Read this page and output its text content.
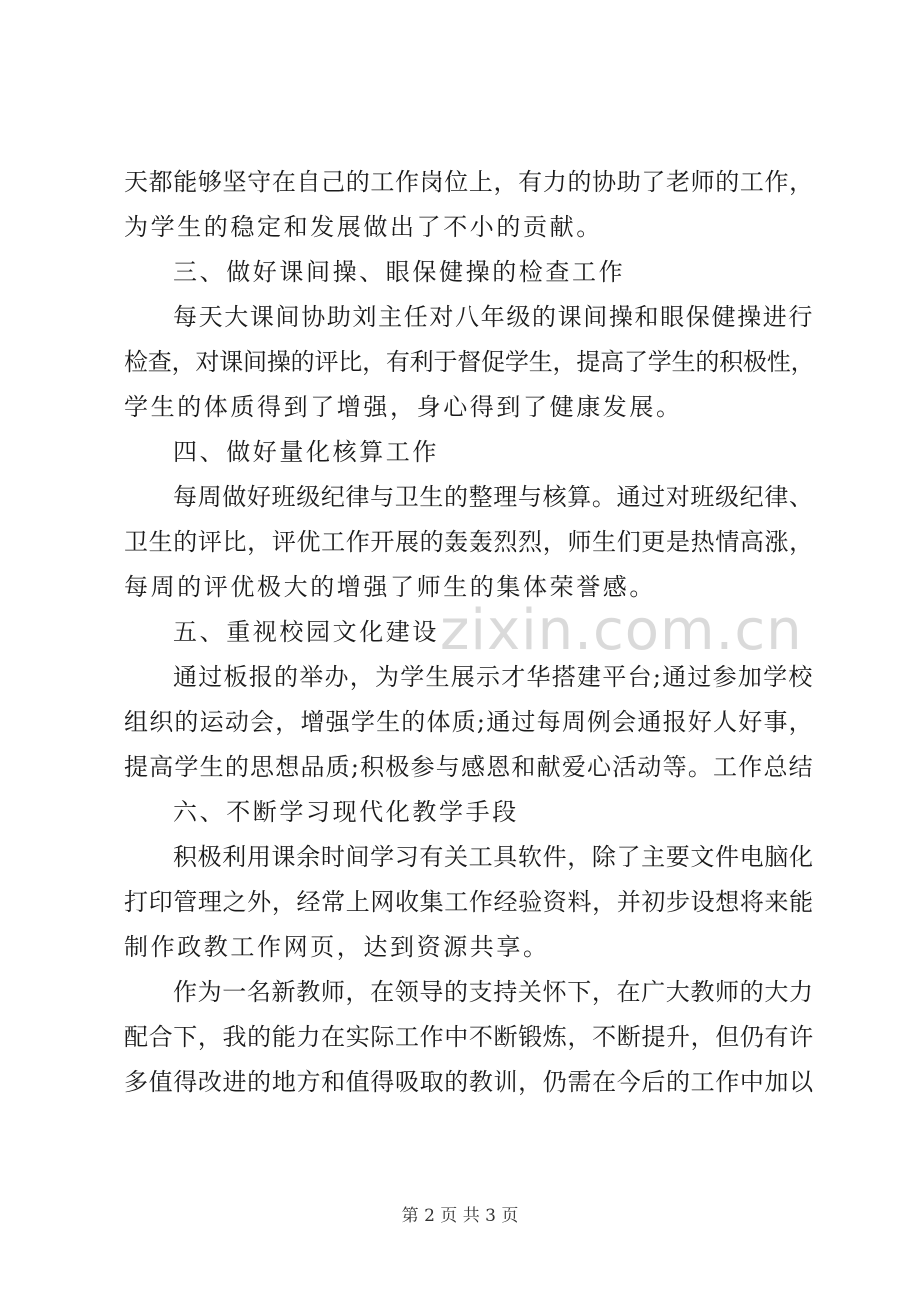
天都能够坚守在自己的工作岗位上，有力的协助了老师的工作，
为学生的稳定和发展做出了不小的贡献。
三、做好课间操、眼保健操的检查工作
每天大课间协助刘主任对八年级的课间操和眼保健操进行
检查，对课间操的评比，有利于督促学生，提高了学生的积极性，
学生的体质得到了增强，身心得到了健康发展。
四、做好量化核算工作
每周做好班级纪律与卫生的整理与核算。通过对班级纪律、
卫生的评比，评优工作开展的轰轰烈烈，师生们更是热情高涨，
每周的评优极大的增强了师生的集体荣誉感。
五、重视校园文化建设
通过板报的举办，为学生展示才华搭建平台;通过参加学校
组织的运动会，增强学生的体质;通过每周例会通报好人好事，
提高学生的思想品质;积极参与感恩和献爱心活动等。工作总结
六、不断学习现代化教学手段
积极利用课余时间学习有关工具软件，除了主要文件电脑化
打印管理之外，经常上网收集工作经验资料，并初步设想将来能
制作政教工作网页，达到资源共享。
作为一名新教师，在领导的支持关怀下，在广大教师的大力
配合下，我的能力在实际工作中不断锻炼，不断提升，但仍有许
多值得改进的地方和值得吸取的教训，仍需在今后的工作中加以
zixin.com.cn
第 2 页 共 3 页
